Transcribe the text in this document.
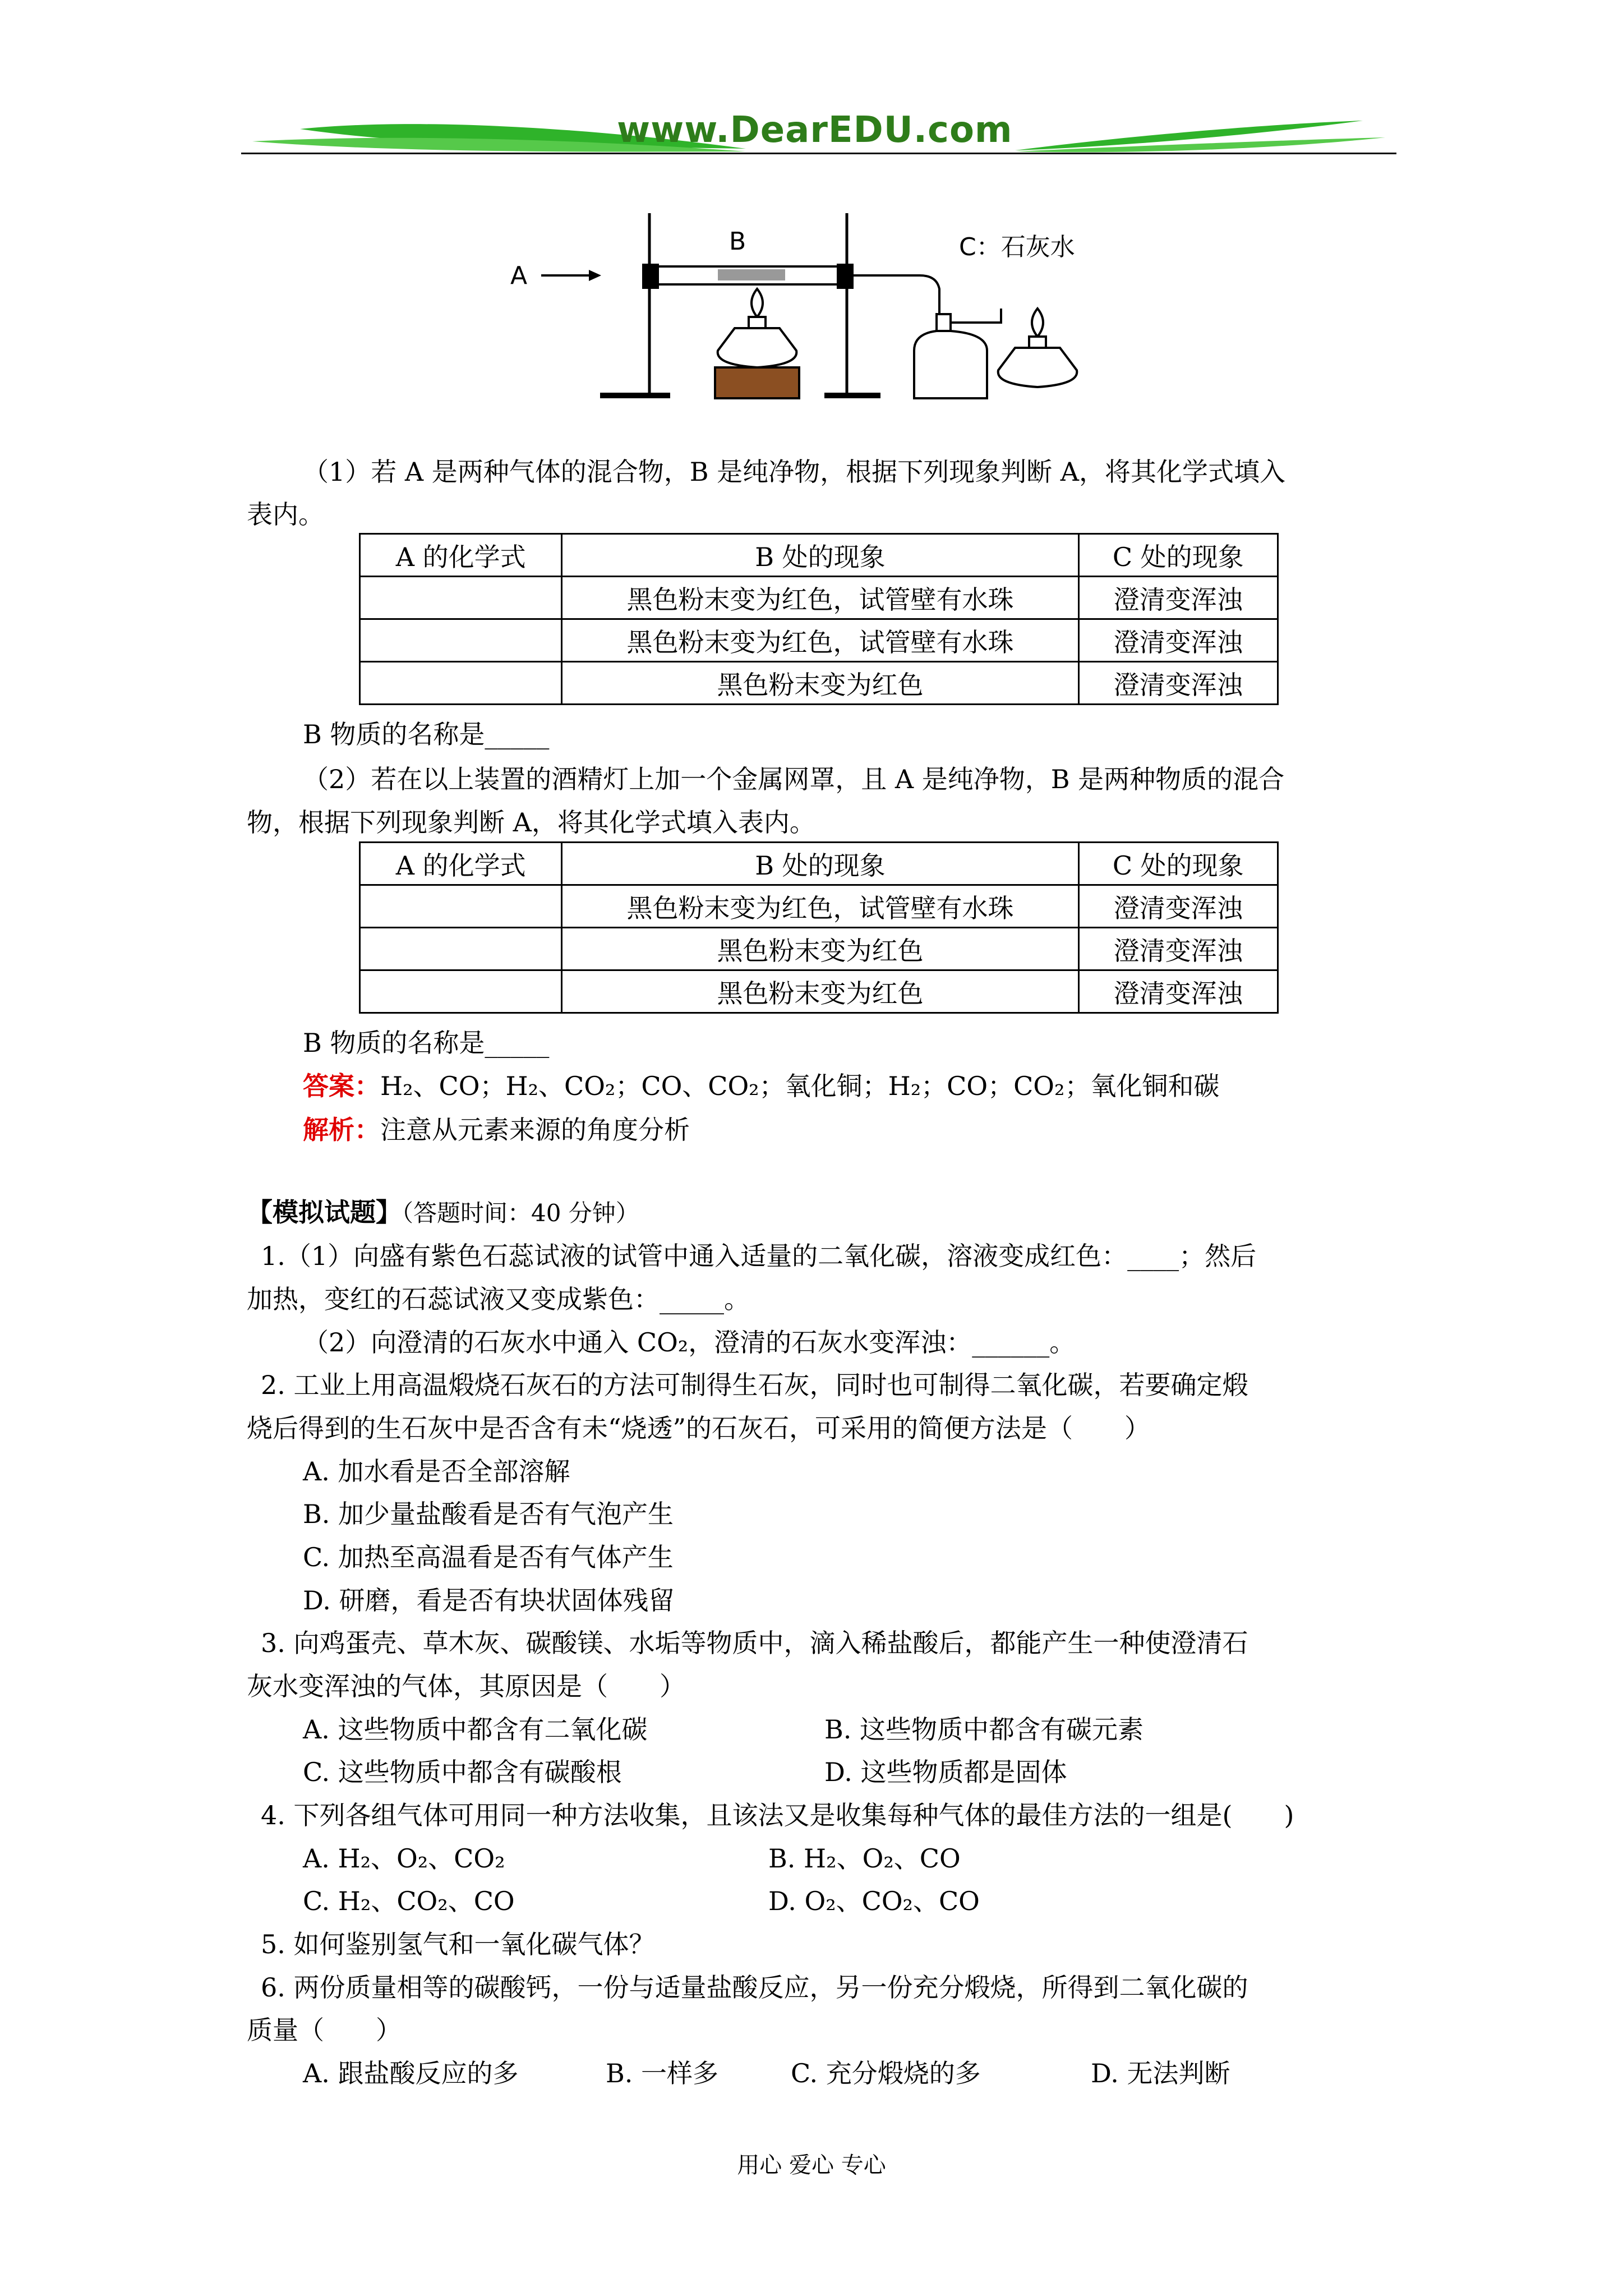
www.DearEDU.com
A
B	C：石灰水
（1）若 A 是两种气体的混合物，B 是纯净物，根据下列现象判断 A，将其化学式填入
表内。
A 的化学式	B 处的现象	C 处的现象
	黑色粉末变为红色，试管壁有水珠	澄清变浑浊
	黑色粉末变为红色，试管壁有水珠	澄清变浑浊
	黑色粉末变为红色	澄清变浑浊
B 物质的名称是_____
（2）若在以上装置的酒精灯上加一个金属网罩，且 A 是纯净物，B 是两种物质的混合
物，根据下列现象判断 A，将其化学式填入表内。
A 的化学式	B 处的现象	C 处的现象
	黑色粉末变为红色，试管壁有水珠	澄清变浑浊
	黑色粉末变为红色	澄清变浑浊
	黑色粉末变为红色	澄清变浑浊
B 物质的名称是_____
答案：H₂、CO；H₂、CO₂；CO、CO₂；氧化铜；H₂；CO；CO₂；氧化铜和碳
解析：注意从元素来源的角度分析
【模拟试题】（答题时间：40 分钟）
1.（1）向盛有紫色石蕊试液的试管中通入适量的二氧化碳，溶液变成红色：____；然后
加热，变红的石蕊试液又变成紫色：_____。
（2）向澄清的石灰水中通入 CO₂，澄清的石灰水变浑浊：______。
2. 工业上用高温煅烧石灰石的方法可制得生石灰，同时也可制得二氧化碳，若要确定煅
烧后得到的生石灰中是否含有未“烧透”的石灰石，可采用的简便方法是（　　）
A. 加水看是否全部溶解
B. 加少量盐酸看是否有气泡产生
C. 加热至高温看是否有气体产生
D. 研磨，看是否有块状固体残留
3. 向鸡蛋壳、草木灰、碳酸镁、水垢等物质中，滴入稀盐酸后，都能产生一种使澄清石
灰水变浑浊的气体，其原因是（　　）
A. 这些物质中都含有二氧化碳	B. 这些物质中都含有碳元素
C. 这些物质中都含有碳酸根	D. 这些物质都是固体
4. 下列各组气体可用同一种方法收集，且该法又是收集每种气体的最佳方法的一组是(　　)
A. H₂、O₂、CO₂	B. H₂、O₂、CO
C. H₂、CO₂、CO	D. O₂、CO₂、CO
5. 如何鉴别氢气和一氧化碳气体？
6. 两份质量相等的碳酸钙，一份与适量盐酸反应，另一份充分煅烧，所得到二氧化碳的
质量（　　）
A. 跟盐酸反应的多	B. 一样多	C. 充分煅烧的多	D. 无法判断
用心 爱心 专心
